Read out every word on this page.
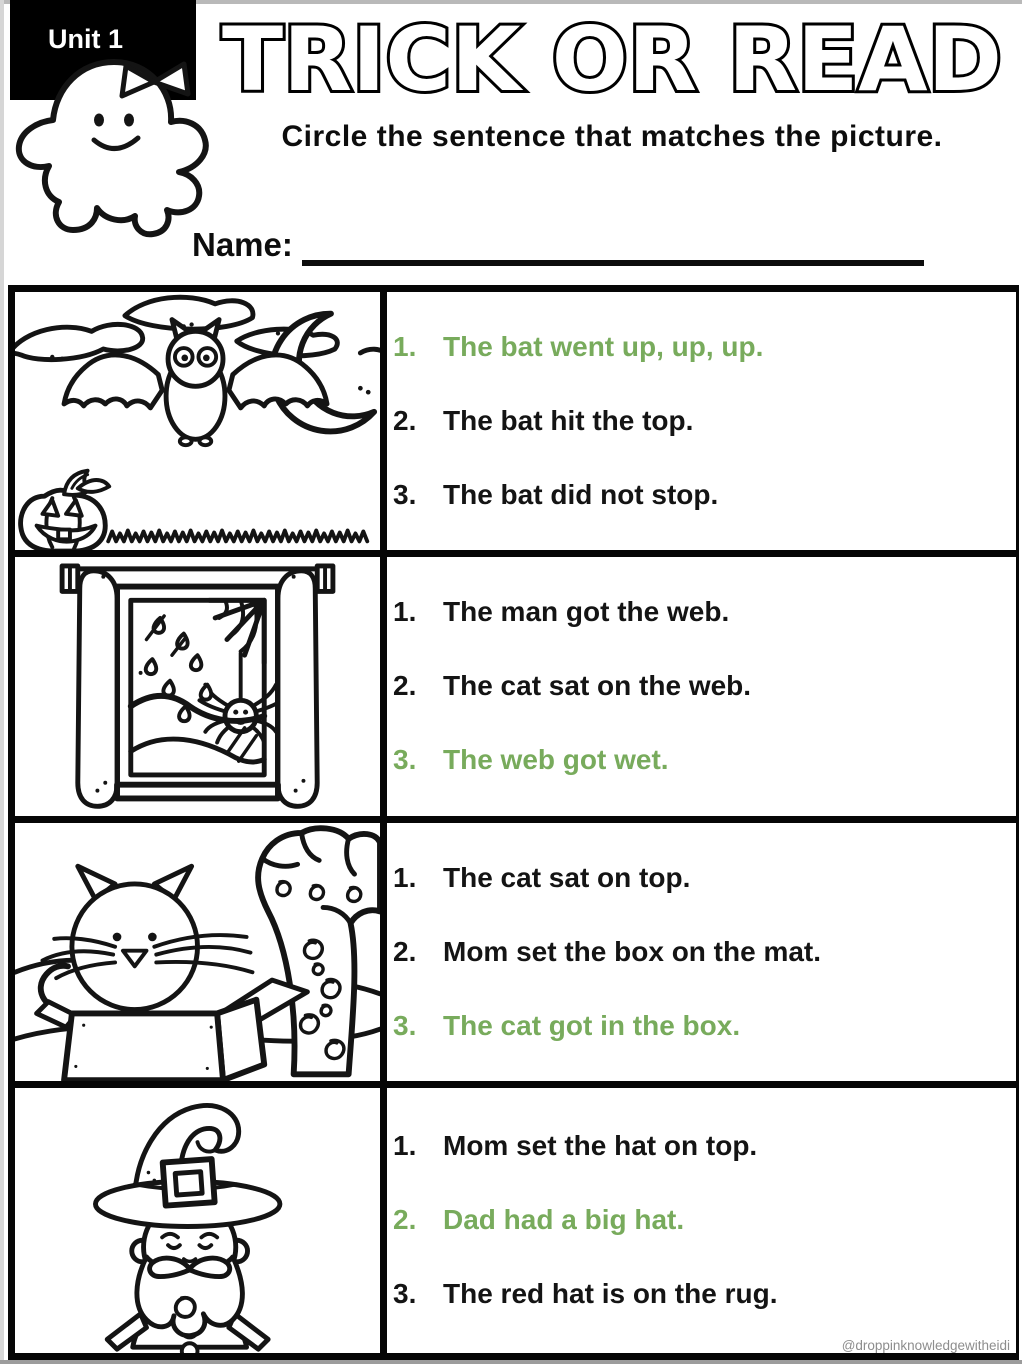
Unit 1 TRICK OR READ
Circle the sentence that matches the picture.
Name:
1. The bat went up, up, up.
2. The bat hit the top.
3. The bat did not stop.
1. The man got the web.
2. The cat sat on the web.
3. The web got wet.
1. The cat sat on top.
2. Mom set the box on the mat.
3. The cat got in the box.
1. Mom set the hat on top.
2. Dad had a big hat.
3. The red hat is on the rug.
@droppinknowledgewitheidi
